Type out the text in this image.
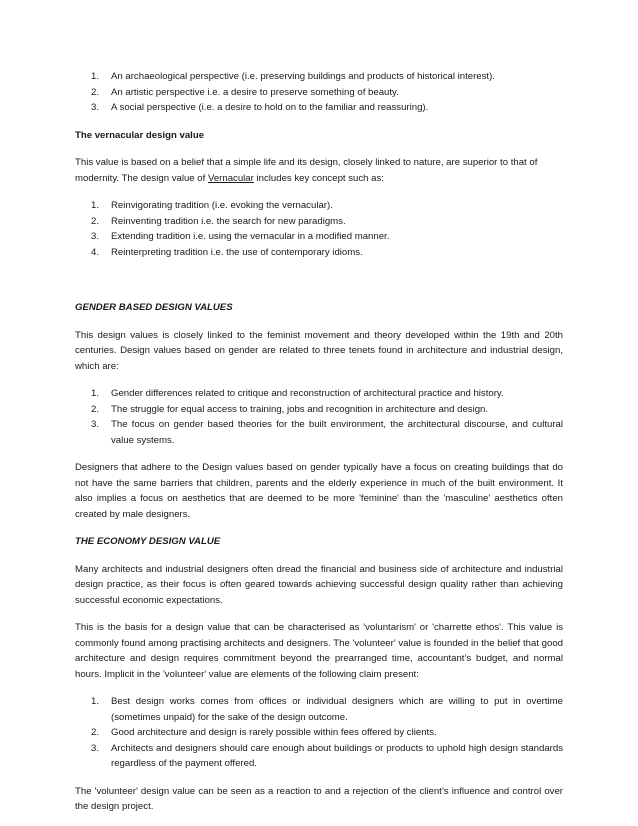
1.	An archaeological perspective (i.e. preserving buildings and products of historical interest).
2.	An artistic perspective i.e. a desire to preserve something of beauty.
3.	A social perspective (i.e. a desire to hold on to the familiar and reassuring).

The vernacular design value

This value is based on a belief that a simple life and its design, closely linked to nature, are superior to that of modernity. The design value of Vernacular includes key concept such as:

1.	Reinvigorating tradition (i.e. evoking the vernacular).
2.	Reinventing tradition i.e. the search for new paradigms.
3.	Extending tradition i.e. using the vernacular in a modified manner.
4.	Reinterpreting tradition i.e. the use of contemporary idioms.

GENDER BASED DESIGN VALUES

This design values is closely linked to the feminist movement and theory developed within the 19th and 20th centuries. Design values based on gender are related to three tenets found in architecture and industrial design, which are:

1.	Gender differences related to critique and reconstruction of architectural practice and history.
2.	The struggle for equal access to training, jobs and recognition in architecture and design.
3.	The focus on gender based theories for the built environment, the architectural discourse, and cultural value systems.

Designers that adhere to the Design values based on gender typically have a focus on creating buildings that do not have the same barriers that children, parents and the elderly experience in much of the built environment. It also implies a focus on aesthetics that are deemed to be more 'feminine' than the 'masculine' aesthetics often created by male designers.

THE ECONOMY DESIGN VALUE

Many architects and industrial designers often dread the financial and business side of architecture and industrial design practice, as their focus is often geared towards achieving successful design quality rather than achieving successful economic expectations.

This is the basis for a design value that can be characterised as 'voluntarism' or 'charrette ethos'. This value is commonly found among practising architects and designers. The 'volunteer' value is founded in the belief that good architecture and design requires commitment beyond the prearranged time, accountant’s budget, and normal hours. Implicit in the 'volunteer' value are elements of the following claim present:

1.	Best design works comes from offices or individual designers which are willing to put in overtime (sometimes unpaid) for the sake of the design outcome.
2.	Good architecture and design is rarely possible within fees offered by clients.
3.	Architects and designers should care enough about buildings or products to uphold high design standards regardless of the payment offered.

The 'volunteer' design value can be seen as a reaction to and a rejection of the client’s influence and control over the design project.
